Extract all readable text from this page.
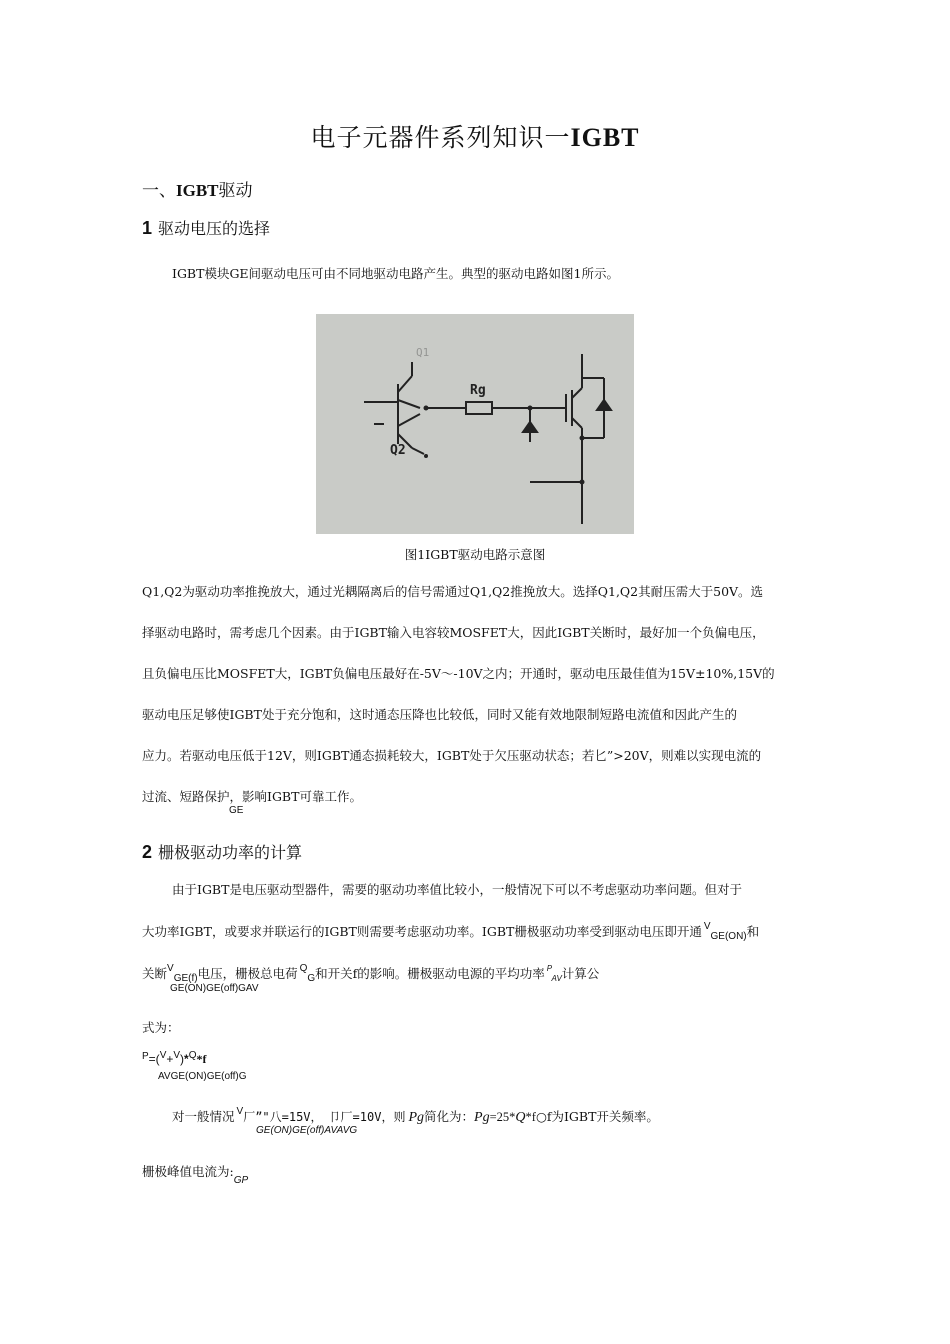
电子元器件系列知识一IGBT
一、IGBT驱动
1 驱动电压的选择
IGBT模块GE间驱动电压可由不同地驱动电路产生。典型的驱动电路如图1所示。
Rg
Q2
Q1
图1IGBT驱动电路示意图
Q1,Q2为驱动功率推挽放大，通过光耦隔离后的信号需通过Q1,Q2推挽放大。选择Q1,Q2其耐压需大于50V。选
择驱动电路时，需考虑几个因素。由于IGBT输入电容较MOSFET大，因此IGBT关断时，最好加一个负偏电压，
且负偏电压比MOSFET大，IGBT负偏电压最好在-5V〜-10V之内；开通时，驱动电压最佳值为15V±10%,15V的
驱动电压足够使IGBT处于充分饱和，这时通态压降也比较低，同时又能有效地限制短路电流值和因此产生的
应力。若驱动电压低于12V，则IGBT通态损耗较大，IGBT处于欠压驱动状态；若匕”>20V，则难以实现电流的
过流、短路保护，影响IGBT可靠工作。
GE
2 栅极驱动功率的计算
由于IGBT是电压驱动型器件，需要的驱动功率值比较小，一般情况下可以不考虑驱动功率问题。但对于
大功率IGBT，或要求并联运行的IGBT则需要考虑驱动功率。IGBT栅极驱动功率受到驱动电压即开通 $^V_{GE(ON)}$和
关断$^V_{GE(f)}$电压，栅极总电荷 $^Q_G$和开关f的影响。栅极驱动电源的平均功率 $^P_{AV}$计算公
GE(ON)GE(off)GAV
式为：
$^P$=($^V$+$^V$)*$^Q$*f
AVGE(ON)GE(off)G
对一般情况 $^V$厂”"八=15V， 卩厂=10V，则 Pg简化为：Pg=25*Q*f○f为IGBT开关频率。
GE(ON)GE(off)AVAVG
栅极峰值电流为$:_{GP}$
